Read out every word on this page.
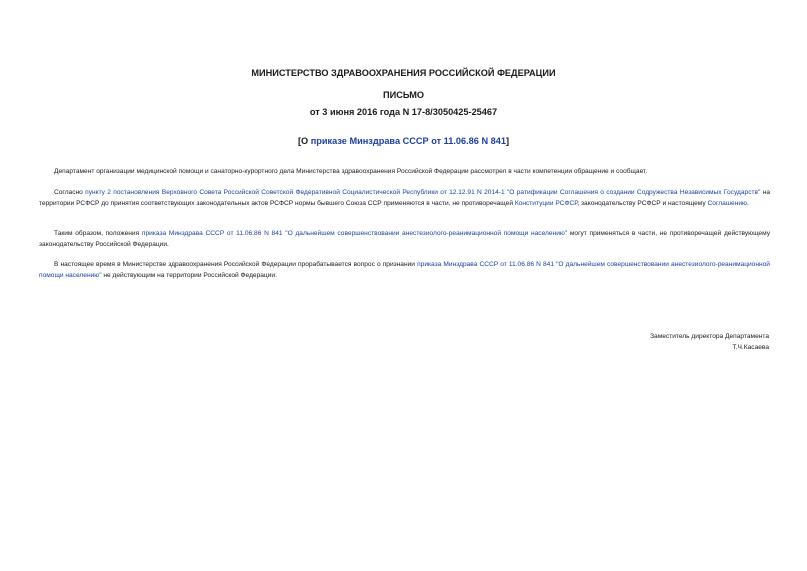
МИНИСТЕРСТВО ЗДРАВООХРАНЕНИЯ РОССИЙСКОЙ ФЕДЕРАЦИИ
ПИСЬМО
от 3 июня 2016 года N 17-8/3050425-25467
[О приказе Минздрава СССР от 11.06.86 N 841]
Департамент организации медицинской помощи и санаторно-курортного дела Министерства здравоохранения Российской Федерации рассмотрел в части компетенции обращение и сообщает.
Согласно пункту 2 постановления Верховного Совета Российской Советской Федеративной Социалистической Республики от 12.12.91 N 2014-1 "О ратификации Соглашения о создании Содружества Независимых Государств" на территории РСФСР до принятия соответствующих законодательных актов РСФСР нормы бывшего Союза ССР применяются в части, не противоречащей Конституции РСФСР, законодательству РСФСР и настоящему Соглашению.
Таким образом, положения приказа Минздрава СССР от 11.06.86 N 841 "О дальнейшем совершенствовании анестезиолого-реанимационной помощи населению" могут применяться в части, не противоречащей действующему законодательству Российской Федерации.
В настоящее время в Министерстве здравоохранения Российской Федерации прорабатывается вопрос о признании приказа Минздрава СССР от 11.06.86 N 841 "О дальнейшем совершенствовании анестезиолого-реанимационной помощи населению" не действующим на территории Российской Федерации.
Заместитель директора Департамента
Т.Ч.Касаева
